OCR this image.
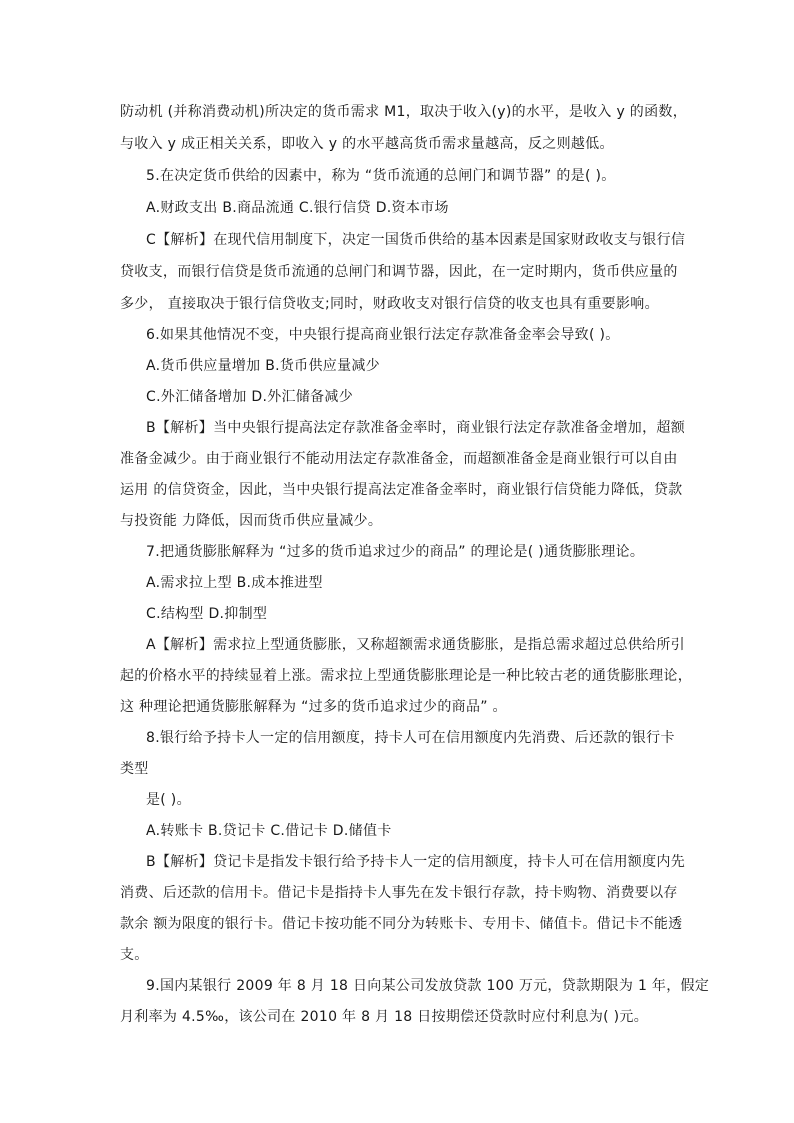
防动机 (并称消费动机)所决定的货币需求 M1，取决于收入(y)的水平，是收入 y 的函数，
与收入 y 成正相关关系，即收入 y 的水平越高货币需求量越高，反之则越低。
5.在决定货币供给的因素中，称为 “货币流通的总闸门和调节器” 的是( )。
A.财政支出 B.商品流通 C.银行信贷 D.资本市场
C【解析】在现代信用制度下，决定一国货币供给的基本因素是国家财政收支与银行信
贷收支，而银行信贷是货币流通的总闸门和调节器，因此，在一定时期内，货币供应量的
多少， 直接取决于银行信贷收支;同时，财政收支对银行信贷的收支也具有重要影响。
6.如果其他情况不变，中央银行提高商业银行法定存款准备金率会导致( )。
A.货币供应量增加 B.货币供应量减少
C.外汇储备增加 D.外汇储备减少
B【解析】当中央银行提高法定存款准备金率时，商业银行法定存款准备金增加，超额
准备金减少。由于商业银行不能动用法定存款准备金，而超额准备金是商业银行可以自由
运用 的信贷资金，因此，当中央银行提高法定准备金率时，商业银行信贷能力降低，贷款
与投资能 力降低，因而货币供应量减少。
7.把通货膨胀解释为 “过多的货币追求过少的商品” 的理论是( )通货膨胀理论。
A.需求拉上型 B.成本推进型
C.结构型 D.抑制型
A【解析】需求拉上型通货膨胀，又称超额需求通货膨胀，是指总需求超过总供给所引
起的价格水平的持续显着上涨。需求拉上型通货膨胀理论是一种比较古老的通货膨胀理论，
这 种理论把通货膨胀解释为 “过多的货币追求过少的商品” 。
8.银行给予持卡人一定的信用额度，持卡人可在信用额度内先消费、后还款的银行卡
类型
是( )。
A.转账卡 B.贷记卡 C.借记卡 D.储值卡
B【解析】贷记卡是指发卡银行给予持卡人一定的信用额度，持卡人可在信用额度内先
消费、后还款的信用卡。借记卡是指持卡人事先在发卡银行存款，持卡购物、消费要以存
款余 额为限度的银行卡。借记卡按功能不同分为转账卡、专用卡、储值卡。借记卡不能透
支。
9.国内某银行 2009 年 8 月 18 日向某公司发放贷款 100 万元，贷款期限为 1 年，假定
月利率为 4.5‰，该公司在 2010 年 8 月 18 日按期偿还贷款时应付利息为( )元。
